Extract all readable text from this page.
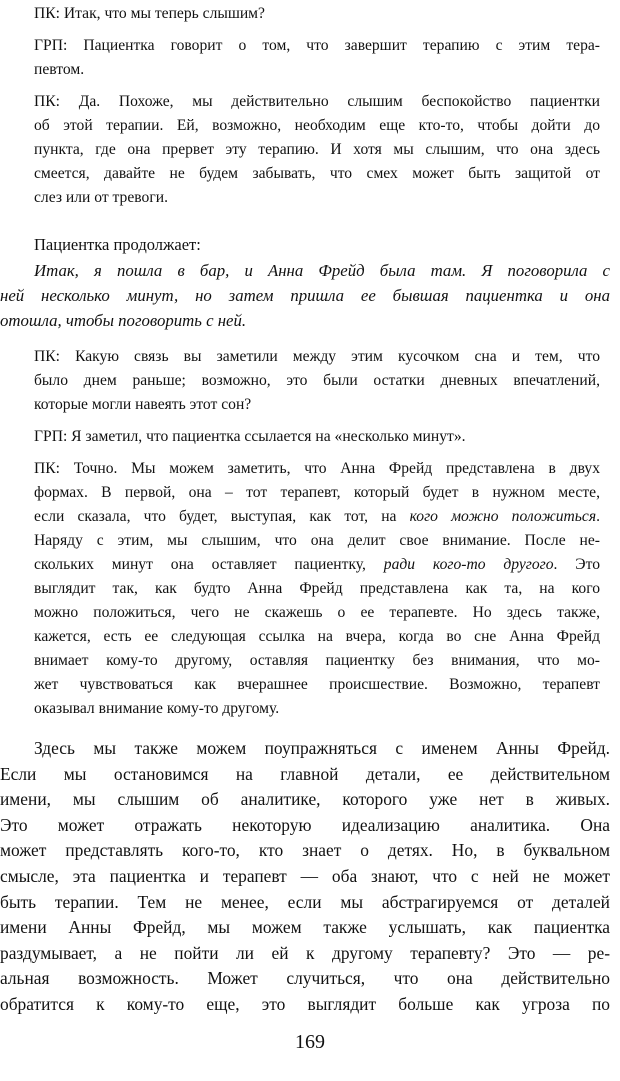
ПК: Итак, что мы теперь слышим?
ГРП: Пациентка говорит о том, что завершит терапию с этим тера-
певтом.
ПК: Да. Похоже, мы действительно слышим беспокойство пациентки
об этой терапии. Ей, возможно, необходим еще кто-то, чтобы дойти до
пункта, где она прервет эту терапию. И хотя мы слышим, что она здесь
смеется, давайте не будем забывать, что смех может быть защитой от
слез или от тревоги.
Пациентка продолжает:
Итак, я пошла в бар, и Анна Фрейд была там. Я поговорила с
ней несколько минут, но затем пришла ее бывшая пациентка и она
отошла, чтобы поговорить с ней.
ПК: Какую связь вы заметили между этим кусочком сна и тем, что
было днем раньше; возможно, это были остатки дневных впечатлений,
которые могли навеять этот сон?
ГРП: Я заметил, что пациентка ссылается на «несколько минут».
ПК: Точно. Мы можем заметить, что Анна Фрейд представлена в двух
формах. В первой, она – тот терапевт, который будет в нужном месте,
если сказала, что будет, выступая, как тот, на кого можно положиться.
Наряду с этим, мы слышим, что она делит свое внимание. После не-
скольких минут она оставляет пациентку, ради кого-то другого. Это
выглядит так, как будто Анна Фрейд представлена как та, на кого
можно положиться, чего не скажешь о ее терапевте. Но здесь также,
кажется, есть ее следующая ссылка на вчера, когда во сне Анна Фрейд
внимает кому-то другому, оставляя пациентку без внимания, что мо-
жет чувствоваться как вчерашнее происшествие. Возможно, терапевт
оказывал внимание кому-то другому.
Здесь мы также можем поупражняться с именем Анны Фрейд.
Если мы остановимся на главной детали, ее действительном
имени, мы слышим об аналитике, которого уже нет в живых.
Это может отражать некоторую идеализацию аналитика. Она
может представлять кого-то, кто знает о детях. Но, в буквальном
смысле, эта пациентка и терапевт — оба знают, что с ней не может
быть терапии. Тем не менее, если мы абстрагируемся от деталей
имени Анны Фрейд, мы можем также услышать, как пациентка
раздумывает, а не пойти ли ей к другому терапевту? Это — ре-
альная возможность. Может случиться, что она действительно
обратится к кому-то еще, это выглядит больше как угроза по
169
